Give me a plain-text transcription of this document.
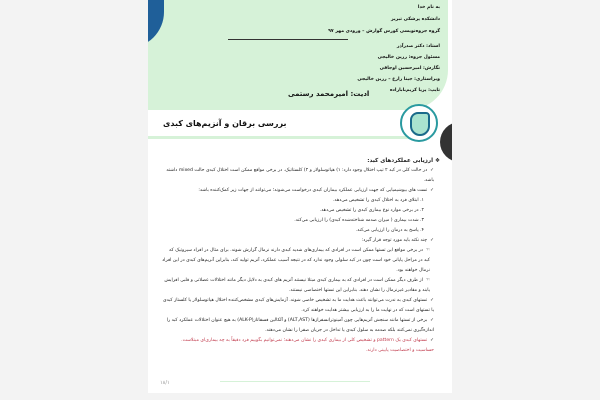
به نام خدا
دانشکده پزشکی تبریز
گروه جزوه‌نویسی کورس گوارش – ورودی مهر ۹۷
استاد: دکتر صدرآذر
مسئول جزوه: رزین خالیجی
نگارش: امیرحسین اوجاقی
ویراستاری: جینا زارع – رزین خالیجی
تایپ: پریا کریم‌بابازاده
ادیت: امیرمحمد رستمی
بررسی برقان و آنزیم‌های کبدی
❖ ارزیابی عملکردهای کبد:
✓در حالت کلی در کبد ۲ تیپ اختلال وجود دارد: ۱) هپاتوسلولار و ۲) کلستاتیک. در برخی مواقع ممکن است اختلال کبدی حالت mixed داشته باشد.
✓تست های بیوشیمیایی که جهت ارزیابی عملکرد بیماران کبدی درخواست می‌شوند؛ می‌توانند از جهات زیر کمک‌کننده باشد:
۱. ابتلای فرد به اختلال کبدی را تشخیص می‌دهد.
۲. در برخی موارد نوع بیماری کبدی را تشخیص می‌دهد.
۳. شدت بیماری ( میزان صدمه شناخته‌شده کبدی) را ارزیابی می‌کند.
۴. پاسخ به درمان را ارزیابی می‌کند.
✓چند نکته باید مورد توجه قرار گیرد:
☜در برخی مواقع این تستها ممکن است در افرادی که بیماری‌های شدید کبدی دارند نرمال گزارش شوند. برای مثال در افراد سیروتیک که کبد در مراحل پایانی خود است چون در کبد سلولی وجود ندارد که در نتیجه آسیب عملکرد، آنزیم تولید کند، بنابراین آنزیم‌های کبدی در این افراد نرمال خواهند بود.
☜از طرف دیگر ممکن است در افرادی که به بیماری کبدی مبتلا نیستند آنزیم های کبدی به دلایل دیگر مانند اختلالات عضلانی و قلبی افزایش یابند و مقادیر غیرنرمال را نشان دهند. بنابراین این تستها اختصاصی نیستند.
✓تستهای کبدی به ندرت می‌توانند باعث هدایت ما به تشخیص خاصی شوند. آزمایش‌های کبدی مشخص‌کننده اختلال هپاتوسلولار یا کلستاز کبدی یا تستهای است که در نهایت ما را به ارزیابی بیشتر هدایت خواهند کرد.
✓برخی از تستها مانند سنجش آنزیم‌هایی چون آمینوترانسفرازها (ALT,AST) و آلکالین فسفاتاز(ALK-P) به هیچ عنوان اختلالات عملکرد کبد را اندازه‌گیری نمی‌کنند بلکه صدمه به سلول کبدی یا تداخل در جریان صفرا را نشان می‌دهند.
✓تستهای کبدی یک pattern و تشخیص کلی از بیماری کبدی را نشان می‌دهند؛ نمی‌توانیم بگوییم فرد دقیقاً به چه بیماری‌ای مبتلاست. حساسیت و اختصاصیت پایینی دارند.
۱۸/۱
